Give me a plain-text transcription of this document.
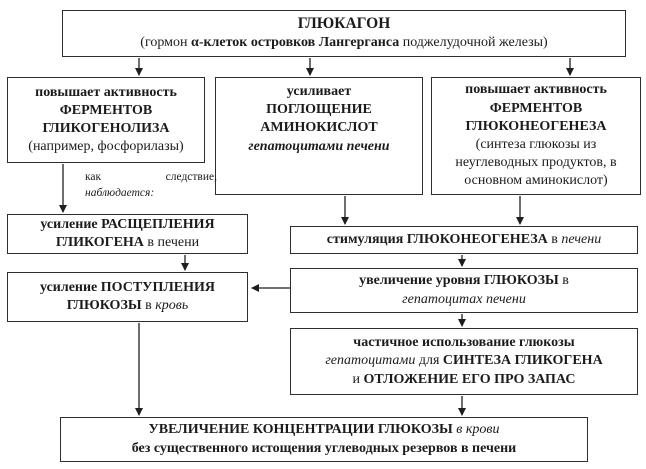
ГЛЮКАГОН
(гормон α-клеток островков Лангерганса поджелудочной железы)
повышает активность
ФЕРМЕНТОВ
ГЛИКОГЕНОЛИЗА
(например, фосфорилазы)
усиливает
ПОГЛОЩЕНИЕ
АМИНОКИСЛОТ
гепатоцитами печени
повышает активность
ФЕРМЕНТОВ
ГЛЮКОНЕОГЕНЕЗА
(синтеза глюкозы из неуглеводных продуктов, в основном аминокислот)
как следствие,
наблюдается:
усиление РАСЩЕПЛЕНИЯ
ГЛИКОГЕНА в печени
усиление ПОСТУПЛЕНИЯ
ГЛЮКОЗЫ в кровь
стимуляция ГЛЮКОНЕОГЕНЕЗА в печени
увеличение уровня ГЛЮКОЗЫ в
гепатоцитах печени
частичное использование глюкозы
гепатоцитами для СИНТЕЗА ГЛИКОГЕНА
и ОТЛОЖЕНИЕ ЕГО ПРО ЗАПАС
УВЕЛИЧЕНИЕ КОНЦЕНТРАЦИИ ГЛЮКОЗЫ в крови
без существенного истощения углеводных резервов в печени
